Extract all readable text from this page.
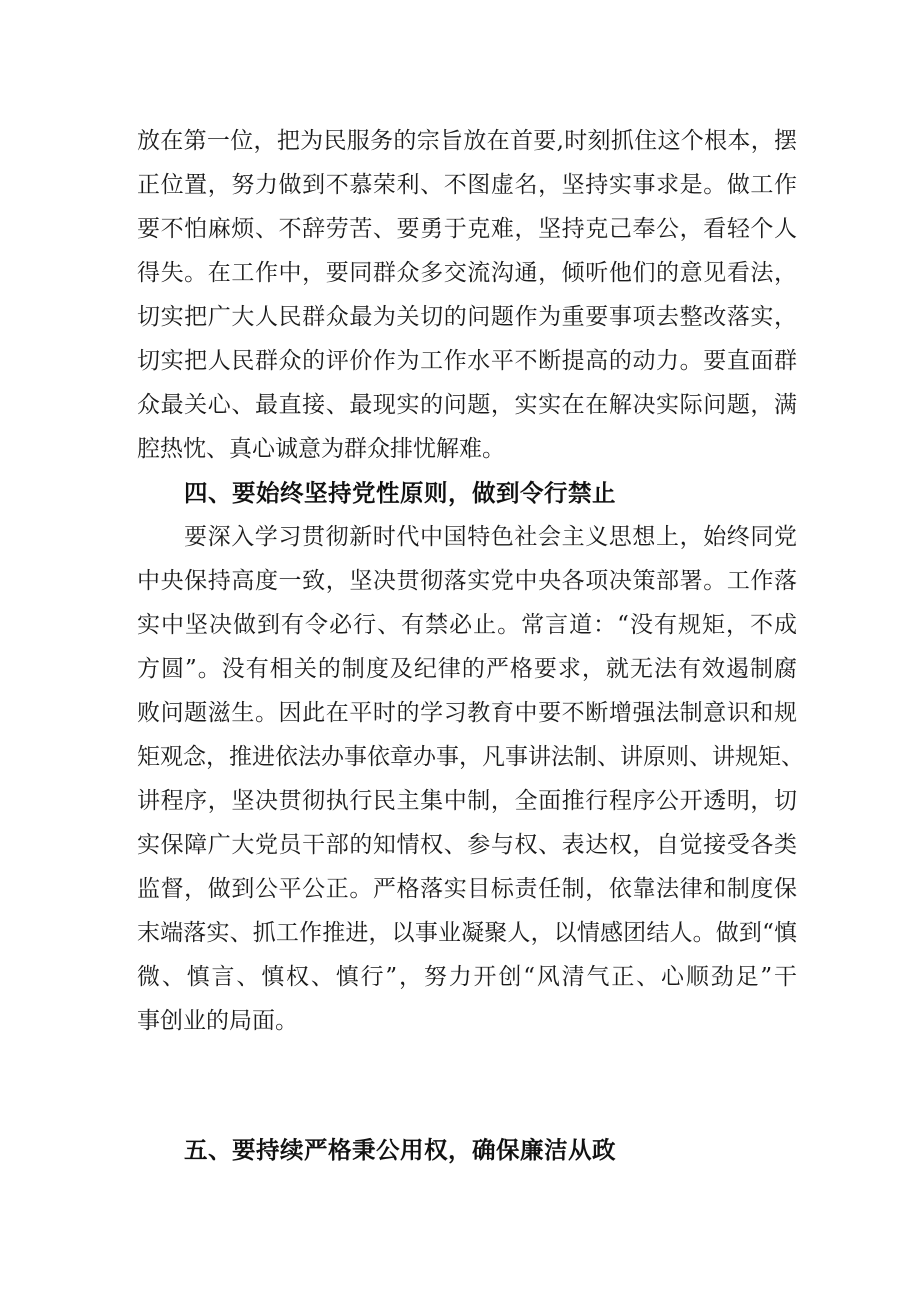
放在第一位，把为民服务的宗旨放在首要,时刻抓住这个根本，摆
正位置，努力做到不慕荣利、不图虚名，坚持实事求是。做工作
要不怕麻烦、不辞劳苦、要勇于克难，坚持克己奉公，看轻个人
得失。在工作中，要同群众多交流沟通，倾听他们的意见看法，
切实把广大人民群众最为关切的问题作为重要事项去整改落实，
切实把人民群众的评价作为工作水平不断提高的动力。要直面群
众最关心、最直接、最现实的问题，实实在在解决实际问题，满
腔热忱、真心诚意为群众排忧解难。
四、要始终坚持党性原则，做到令行禁止
要深入学习贯彻新时代中国特色社会主义思想上，始终同党
中央保持高度一致，坚决贯彻落实党中央各项决策部署。工作落
实中坚决做到有令必行、有禁必止。常言道：“没有规矩，不成
方圆”。没有相关的制度及纪律的严格要求，就无法有效遏制腐
败问题滋生。因此在平时的学习教育中要不断增强法制意识和规
矩观念，推进依法办事依章办事，凡事讲法制、讲原则、讲规矩、
讲程序，坚决贯彻执行民主集中制，全面推行程序公开透明，切
实保障广大党员干部的知情权、参与权、表达权，自觉接受各类
监督，做到公平公正。严格落实目标责任制，依靠法律和制度保
末端落实、抓工作推进，以事业凝聚人，以情感团结人。做到“慎
微、慎言、慎权、慎行”，努力开创“风清气正、心顺劲足”干
事创业的局面。
五、要持续严格秉公用权，确保廉洁从政
